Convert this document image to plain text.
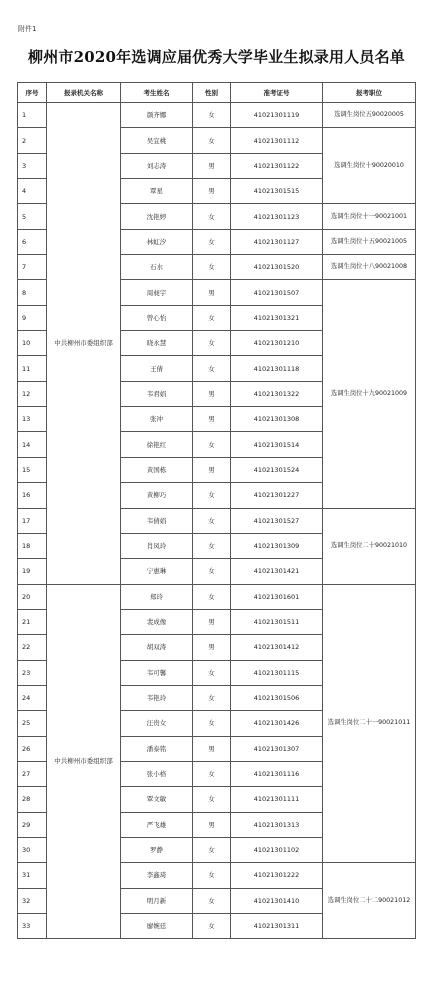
附件1
柳州市2020年选调应届优秀大学毕业生拟录用人员名单
序号	报录机关名称	考生姓名	性别	准考证号	报考职位
1	中共柳州市委组织部	颜齐娜	女	41021301119	选调生岗位五90020005
2		吴宜桃	女	41021301112	选调生岗位十90020010
3		刘志涛	男	41021301122	
4		覃星	男	41021301515	
5		沈艳婷	女	41021301123	选调生岗位十一90021001
6		林虹汐	女	41021301127	选调生岗位十五90021005
7		石水	女	41021301520	选调生岗位十八90021008
8		周昶宇	男	41021301507	选调生岗位十九90021009
9		曾心怡	女	41021301321	
10		晓永慧	女	41021301210	
11		王倩	女	41021301118	
12		韦君娟	男	41021301322	
13		张冲	男	41021301308	
14		徐艳红	女	41021301514	
15		黄国栋	男	41021301524	
16		黄柳巧	女	41021301227	
17		韦倩娟	女	41021301527	选调生岗位二十90021010
18		肖凤玲	女	41021301309	
19		宁惠琳	女	41021301421	
20	中共柳州市委组织部	郑玲	女	41021301601	选调生岗位二十一90021011
21		裴成像	男	41021301511	
22		胡双涛	男	41021301412	
23		韦可馨	女	41021301115	
24		韦艳玲	女	41021301506	
25		汪贵女	女	41021301426	
26		潘泰铭	男	41021301307	
27		张小格	女	41021301116	
28		覃文敏	女	41021301111	
29		严飞雄	男	41021301313	
30		罗静	女	41021301102	
31		李鑫琦	女	41021301222	选调生岗位二十二90021012
32		明月新	女	41021301410	
33		廖婉廷	女	41021301311	
